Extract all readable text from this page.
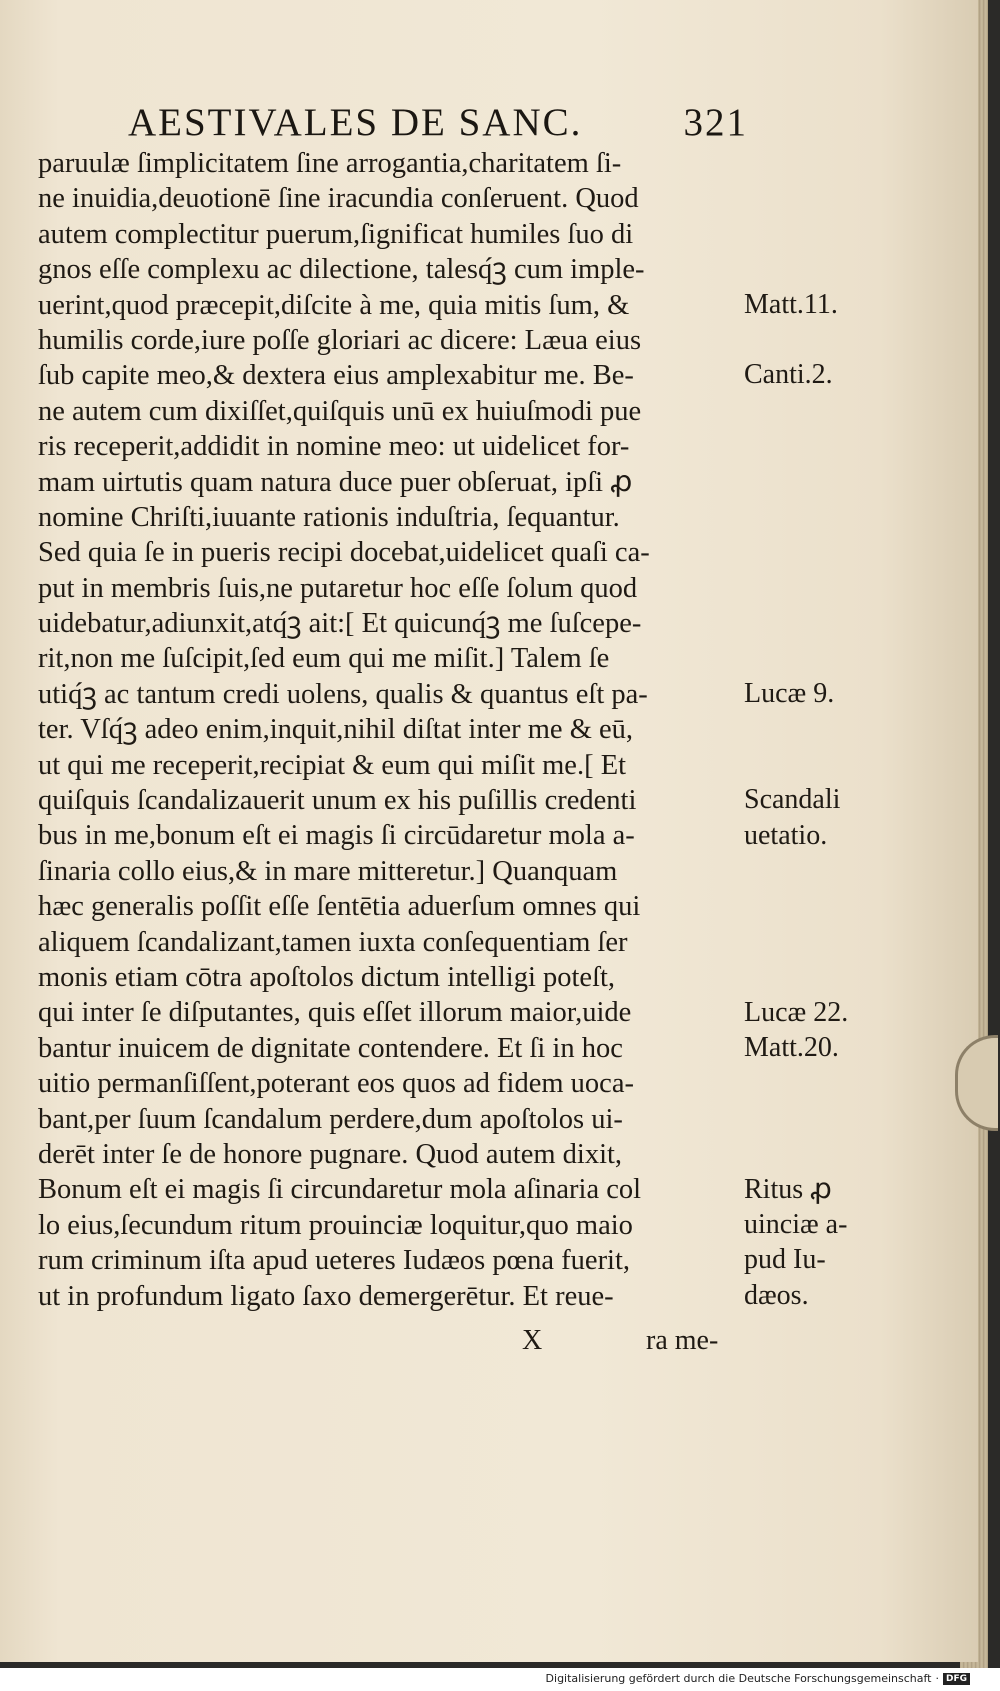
AESTIVALES DE SANC.	321
paruulæ ſimplicitatem ſine arrogantia,charitatem ſi-
ne inuidia,deuotionē ſine iracundia conſeruent. Quod
autem complectitur puerum,ſignificat humiles ſuo di
gnos eſſe complexu ac dilectione, talesq́ꝫ cum imple-
uerint,quod præcepit,diſcite à me, quia mitis ſum, &
humilis corde,iure poſſe gloriari ac dicere: Læua eius
ſub capite meo,& dextera eius amplexabitur me. Be-
ne autem cum dixiſſet,quiſquis unū ex huiuſmodi pue
ris receperit,addidit in nomine meo: ut uidelicet for-
mam uirtutis quam natura duce puer obſeruat, ipſi ꝓ
nomine Chriſti,iuuante rationis induſtria, ſequantur.
Sed quia ſe in pueris recipi docebat,uidelicet quaſi ca-
put in membris ſuis,ne putaretur hoc eſſe ſolum quod
uidebatur,adiunxit,atq́ꝫ ait:[ Et quicunq́ꝫ me ſuſcepe-
rit,non me ſuſcipit,ſed eum qui me miſit.] Talem ſe
utiq́ꝫ ac tantum credi uolens, qualis & quantus eſt pa-
ter. Vſq́ꝫ adeo enim,inquit,nihil diſtat inter me & eū,
ut qui me receperit,recipiat & eum qui miſit me.[ Et
quiſquis ſcandalizauerit unum ex his puſillis credenti
bus in me,bonum eſt ei magis ſi circūdaretur mola a-
ſinaria collo eius,& in mare mitteretur.] Quanquam
hæc generalis poſſit eſſe ſentētia aduerſum omnes qui
aliquem ſcandalizant,tamen iuxta conſequentiam ſer
monis etiam cōtra apoſtolos dictum intelligi poteſt,
qui inter ſe diſputantes, quis eſſet illorum maior,uide
bantur inuicem de dignitate contendere. Et ſi in hoc
uitio permanſiſſent,poterant eos quos ad fidem uoca-
bant,per ſuum ſcandalum perdere,dum apoſtolos ui-
derēt inter ſe de honore pugnare. Quod autem dixit,
Bonum eſt ei magis ſi circundaretur mola aſinaria col
lo eius,ſecundum ritum prouinciæ loquitur,quo maio
rum criminum iſta apud ueteres Iudæos pœna fuerit,
ut in profundum ligato ſaxo demergerētur. Et reue-
Matt.11.
Canti.2.
Lucæ 9.
Scandali
uetatio.
Lucæ 22.
Matt.20.
Ritus ꝓ
uinciæ a-
pud Iu-
dæos.
X	ra me-
Digitalisierung gefördert durch die Deutsche Forschungsgemeinschaft · DFG
